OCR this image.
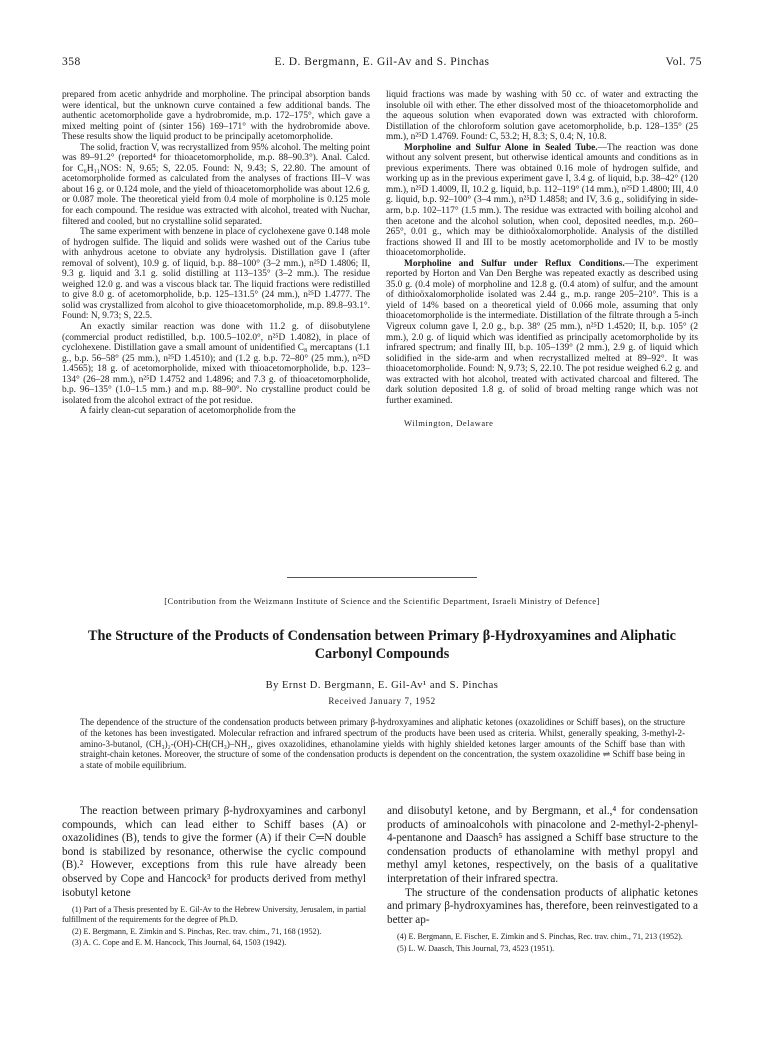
358	E. D. Bergmann, E. Gil-Av and S. Pinchas	Vol. 75

prepared from acetic anhydride and morpholine. The principal absorption bands were identical, but the unknown curve contained a few additional bands. The authentic acetomorpholide gave a hydrobromide, m.p. 172–175°, which gave a mixed melting point of (sinter 156) 169–171° with the hydrobromide above. These results show the liquid product to be principally acetomorpholide.

The solid, fraction V, was recrystallized from 95% alcohol. The melting point was 89–91.2° (reported⁴ for thioacetomorpholide, m.p. 88–90.3°). Anal. Calcd. for C₆H₁₁NOS: N, 9.65; S, 22.05. Found: N, 9.43; S, 22.80. The amount of acetomorpholide formed as calculated from the analyses of fractions III–V was about 16 g. or 0.124 mole, and the yield of thioacetomorpholide was about 12.6 g. or 0.087 mole. The theoretical yield from 0.4 mole of morpholine is 0.125 mole for each compound. The residue was extracted with alcohol, treated with Nuchar, filtered and cooled, but no crystalline solid separated.

The same experiment with benzene in place of cyclohexene gave 0.148 mole of hydrogen sulfide. The liquid and solids were washed out of the Carius tube with anhydrous acetone to obviate any hydrolysis. Distillation gave I (after removal of solvent), 10.9 g. of liquid, b.p. 88–100° (3–2 mm.), n²⁵D 1.4806; II, 9.3 g. liquid and 3.1 g. solid distilling at 113–135° (3–2 mm.). The residue weighed 12.0 g. and was a viscous black tar. The liquid fractions were redistilled to give 8.0 g. of acetomorpholide, b.p. 125–131.5° (24 mm.), n²⁵D 1.4777. The solid was crystallized from alcohol to give thioacetomorpholide, m.p. 89.8–93.1°. Found: N, 9.73; S, 22.5.

An exactly similar reaction was done with 11.2 g. of diisobutylene (commercial product redistilled, b.p. 100.5–102.0°, n²⁵D 1.4082), in place of cyclohexene. Distillation gave a small amount of unidentified C₈ mercaptans (1.1 g., b.p. 56–58° (25 mm.), n²⁵D 1.4510); and (1.2 g. b.p. 72–80° (25 mm.), n²⁵D 1.4565); 18 g. of acetomorpholide, mixed with thioacetomorpholide, b.p. 123–134° (26–28 mm.), n²⁵D 1.4752 and 1.4896; and 7.3 g. of thioacetomorpholide, b.p. 96–135° (1.0–1.5 mm.) and m.p. 88–90°. No crystalline product could be isolated from the alcohol extract of the pot residue.

A fairly clean-cut separation of acetomorpholide from the

liquid fractions was made by washing with 50 cc. of water and extracting the insoluble oil with ether. The ether dissolved most of the thioacetomorpholide and the aqueous solution when evaporated down was extracted with chloroform. Distillation of the chloroform solution gave acetomorpholide, b.p. 128–135° (25 mm.), n²⁵D 1.4769. Found: C, 53.2; H, 8.3; S, 0.4; N, 10.8.

Morpholine and Sulfur Alone in Sealed Tube.—The reaction was done without any solvent present, but otherwise identical amounts and conditions as in previous experiments. There was obtained 0.16 mole of hydrogen sulfide, and working up as in the previous experiment gave I, 3.4 g. of liquid, b.p. 38–42° (120 mm.), n²⁵D 1.4009, II, 10.2 g. liquid, b.p. 112–119° (14 mm.), n²⁵D 1.4800; III, 4.0 g. liquid, b.p. 92–100° (3–4 mm.), n²⁵D 1.4858; and IV, 3.6 g., solidifying in side-arm, b.p. 102–117° (1.5 mm.). The residue was extracted with boiling alcohol and then acetone and the alcohol solution, when cool, deposited needles, m.p. 260–265°, 0.01 g., which may be dithioöxalomorpholide. Analysis of the distilled fractions showed II and III to be mostly acetomorpholide and IV to be mostly thioacetomorpholide.

Morpholine and Sulfur under Reflux Conditions.—The experiment reported by Horton and Van Den Berghe was repeated exactly as described using 35.0 g. (0.4 mole) of morpholine and 12.8 g. (0.4 atom) of sulfur, and the amount of dithioöxalomorpholide isolated was 2.44 g., m.p. range 205–210°. This is a yield of 14% based on a theoretical yield of 0.066 mole, assuming that only thioacetomorpholide is the intermediate. Distillation of the filtrate through a 5-inch Vigreux column gave I, 2.0 g., b.p. 38° (25 mm.), n²⁵D 1.4520; II, b.p. 105° (2 mm.), 2.0 g. of liquid which was identified as principally acetomorpholide by its infrared spectrum; and finally III, b.p. 105–139° (2 mm.), 2.9 g. of liquid which solidified in the side-arm and when recrystallized melted at 89–92°. It was thioacetomorpholide. Found: N, 9.73; S, 22.10. The pot residue weighed 6.2 g. and was extracted with hot alcohol, treated with activated charcoal and filtered. The dark solution deposited 1.8 g. of solid of broad melting range which was not further examined.

Wilmington, Delaware

[Contribution from the Weizmann Institute of Science and the Scientific Department, Israeli Ministry of Defence]
The Structure of the Products of Condensation between Primary β-Hydroxyamines and Aliphatic Carbonyl Compounds
By Ernst D. Bergmann, E. Gil-Av¹ and S. Pinchas
Received January 7, 1952
The dependence of the structure of the condensation products between primary β-hydroxyamines and aliphatic ketones (oxazolidines or Schiff bases), on the structure of the ketones has been investigated. Molecular refraction and infrared spectrum of the products have been used as criteria. Whilst, generally speaking, 3-methyl-2-amino-3-butanol, (CH₃)₂-(OH)-CH(CH₃)–NH₂, gives oxazolidines, ethanolamine yields with highly shielded ketones larger amounts of the Schiff base than with straight-chain ketones. Moreover, the structure of some of the condensation products is dependent on the concentration, the system oxazolidine ⇌ Schiff base being in a state of mobile equilibrium.

The reaction between primary β-hydroxyamines and carbonyl compounds, which can lead either to Schiff bases (A) or oxazolidines (B), tends to give the former (A) if their C═N double bond is stabilized by resonance, otherwise the cyclic compound (B).² However, exceptions from this rule have already been observed by Cope and Hancock³ for products derived from methyl isobutyl ketone

(1) Part of a Thesis presented by E. Gil-Av to the Hebrew University, Jerusalem, in partial fulfillment of the requirements for the degree of Ph.D.

(2) E. Bergmann, E. Zimkin and S. Pinchas, Rec. trav. chim., 71, 168 (1952).

(3) A. C. Cope and E. M. Hancock, This Journal, 64, 1503 (1942).

and diisobutyl ketone, and by Bergmann, et al.,⁴ for condensation products of aminoalcohols with pinacolone and 2-methyl-2-phenyl-4-pentanone and Daasch⁵ has assigned a Schiff base structure to the condensation products of ethanolamine with methyl propyl and methyl amyl ketones, respectively, on the basis of a qualitative interpretation of their infrared spectra.

The structure of the condensation products of aliphatic ketones and primary β-hydroxyamines has, therefore, been reinvestigated to a better ap-

(4) E. Bergmann, E. Fischer, E. Zimkin and S. Pinchas, Rec. trav. chim., 71, 213 (1952).

(5) L. W. Daasch, This Journal, 73, 4523 (1951).
